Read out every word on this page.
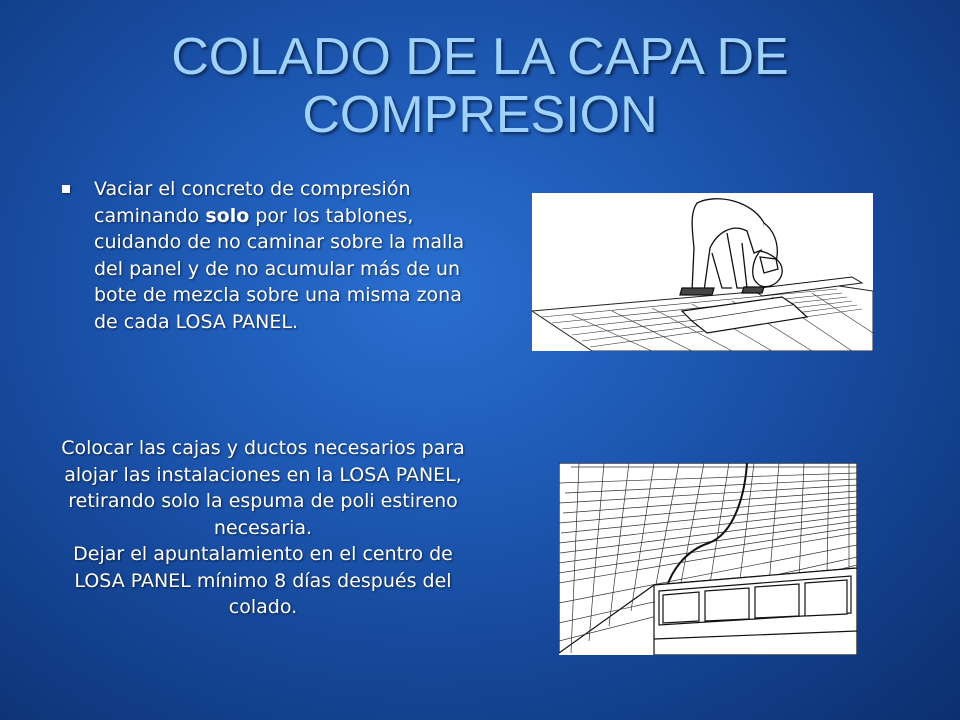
COLADO DE LA CAPA DE COMPRESION
Vaciar el concreto de compresión caminando solo por los tablones, cuidando de no caminar sobre la malla del panel y de no acumular más de un bote de mezcla sobre una misma zona de cada LOSA PANEL.

Colocar las cajas y ductos necesarios para alojar las instalaciones en la LOSA PANEL, retirando solo la espuma de poli estireno necesaria.

Dejar el apuntalamiento en el centro de LOSA PANEL mínimo 8 días después del colado.
